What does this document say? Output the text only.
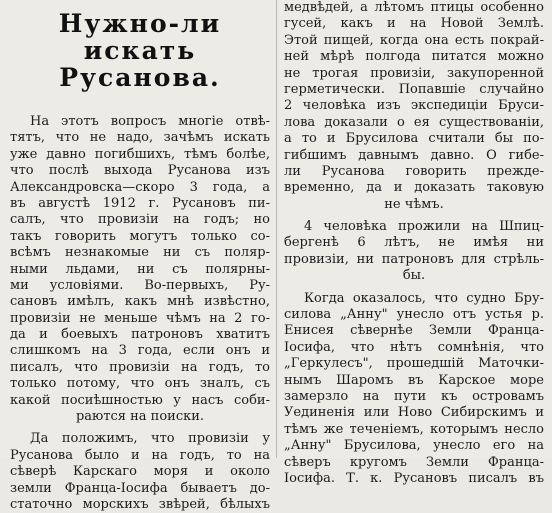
Нужно-ли искать
Русанова.
На этотъ вопросъ многіе отвѣ-
тятъ, что не надо, зачѣмъ искать
уже давно погибшихъ, тѣмъ болѣе,
что послѣ выхода Русанова изъ
Александровска—скоро 3 года, а
въ августѣ 1912 г. Русановъ пи-
салъ, что провизіи на годъ; но
такъ говорить могутъ только со-
всѣмъ незнакомые ни съ поляр-
ными льдами, ни съ полярны-
ми условіями. Во-первыхъ, Ру-
сановъ имѣлъ, какъ мнѣ извѣстно,
провизіи не меньше чѣмъ на 2 го-
да и боевыхъ патроновъ хватитъ
слишкомъ на 3 года, если онъ и
писалъ, что провизіи на годъ, то
только потому, что онъ зналъ, съ
какой посиѣшностью у насъ соби-
раются на поиски.
Да положимъ, что провизіи у
Русанова было и на годъ, то на
сѣверѣ Карскаго моря и около
земли Франца-Іосифа бываетъ до-
статочно морскихъ звѣрей, бѣлыхъ
медвѣдей, а лѣтомъ птицы особенно
гусей, какъ и на Новой Землѣ.
Этой пищей, когда она есть покрай-
ней мѣрѣ полгода питатся можно
не трогая провизіи, закупоренной
герметически. Попавшіе случайно
2 человѣка изъ экспедиціи Бруси-
лова доказали о ея существованіи,
а то и Брусилова считали бы по-
гибшимъ давнымъ давно. О гибе-
ли Русанова говорить прежде-
временно, да и доказать таковую
не чѣмъ.
4 человѣка прожили на Шпиц-
бергенѣ 6 лѣтъ, не имѣя ни
провизіи, ни патроновъ для стрѣль-
бы.
Когда оказалось, что судно Бру-
силова „Анну" унесло отъ устья р.
Енисея сѣвернѣе Земли Франца-
Іосифа, что нѣтъ сомнѣнія, что
„Геркулесъ", прошедшій Маточки-
нымъ Шаромъ въ Карское море
замерзло на пути къ островамъ
Уединенія или Ново Сибирскимъ и
тѣмъ же теченіемъ, которымъ несло
„Анну" Брусилова, унесло его на
сѣверъ кругомъ Земли Франца-
Іосифа. Т. к. Русановъ писалъ въ
